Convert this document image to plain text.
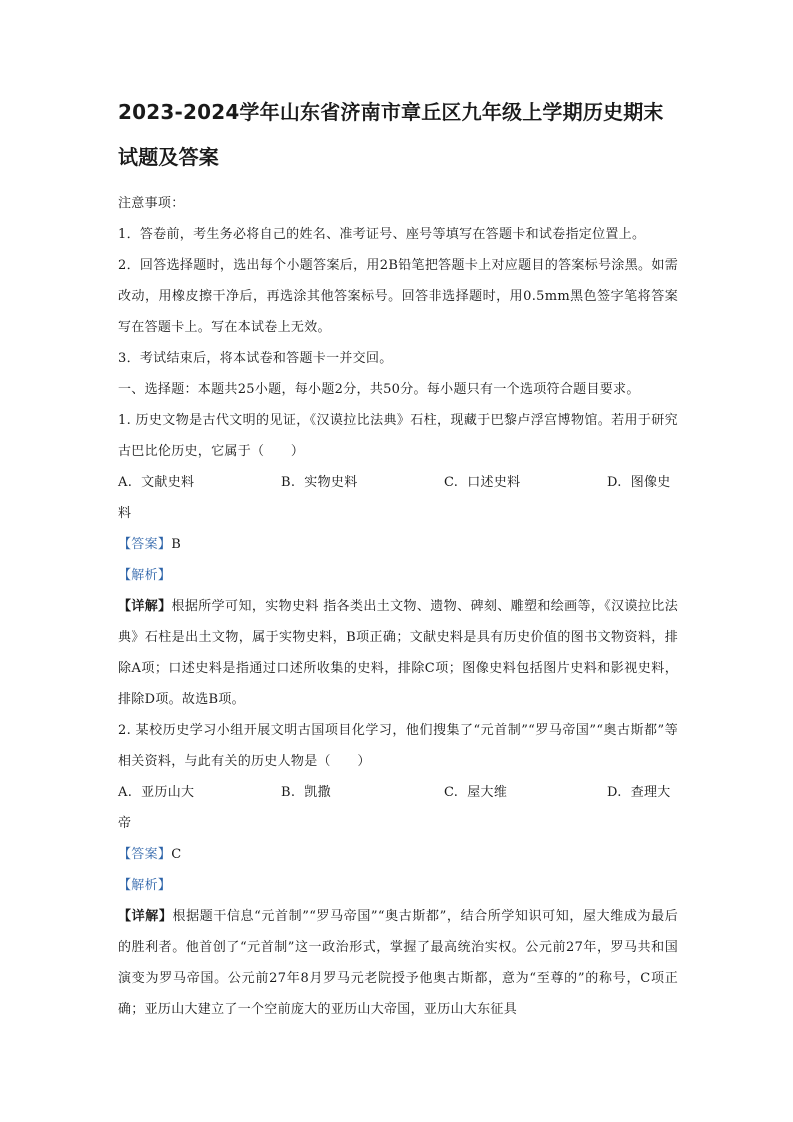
2023-2024学年山东省济南市章丘区九年级上学期历史期末
试题及答案

注意事项：

1．答卷前，考生务必将自己的姓名、准考证号、座号等填写在答题卡和试卷指定位置上。

2．回答选择题时，选出每个小题答案后，用2B铅笔把答题卡上对应题目的答案标号涂黑。如需改动，用橡皮擦干净后，再选涂其他答案标号。回答非选择题时，用0.5mm黑色签字笔将答案写在答题卡上。写在本试卷上无效。

3．考试结束后，将本试卷和答题卡一并交回。

一、选择题：本题共25小题，每小题2分，共50分。每小题只有一个选项符合题目要求。

1. 历史文物是古代文明的见证，《汉谟拉比法典》石柱，现藏于巴黎卢浮宫博物馆。若用于研究古巴比伦历史，它属于（　　）

A. 文献史料	B. 实物史料	C. 口述史料	D. 图像史

料

【答案】B

【解析】

【详解】根据所学可知，实物史料 指各类出土文物、遗物、碑刻、雕塑和绘画等，《汉谟拉比法典》石柱是出土文物，属于实物史料，B项正确；文献史料是具有历史价值的图书文物资料，排除A项；口述史料是指通过口述所收集的史料，排除C项；图像史料包括图片史料和影视史料，排除D项。故选B项。

2. 某校历史学习小组开展文明古国项目化学习，他们搜集了“元首制”“罗马帝国”“奥古斯都”等相关资料，与此有关的历史人物是（　　）

A. 亚历山大	B. 凯撒	C. 屋大维	D. 查理大

帝

【答案】C

【解析】

【详解】根据题干信息“元首制”“罗马帝国”“奥古斯都”，结合所学知识可知，屋大维成为最后的胜利者。他首创了“元首制”这一政治形式，掌握了最高统治实权。公元前27年，罗马共和国演变为罗马帝国。公元前27年8月罗马元老院授予他奥古斯都，意为“至尊的”的称号，C项正确；亚历山大建立了一个空前庞大的亚历山大帝国，亚历山大东征具
